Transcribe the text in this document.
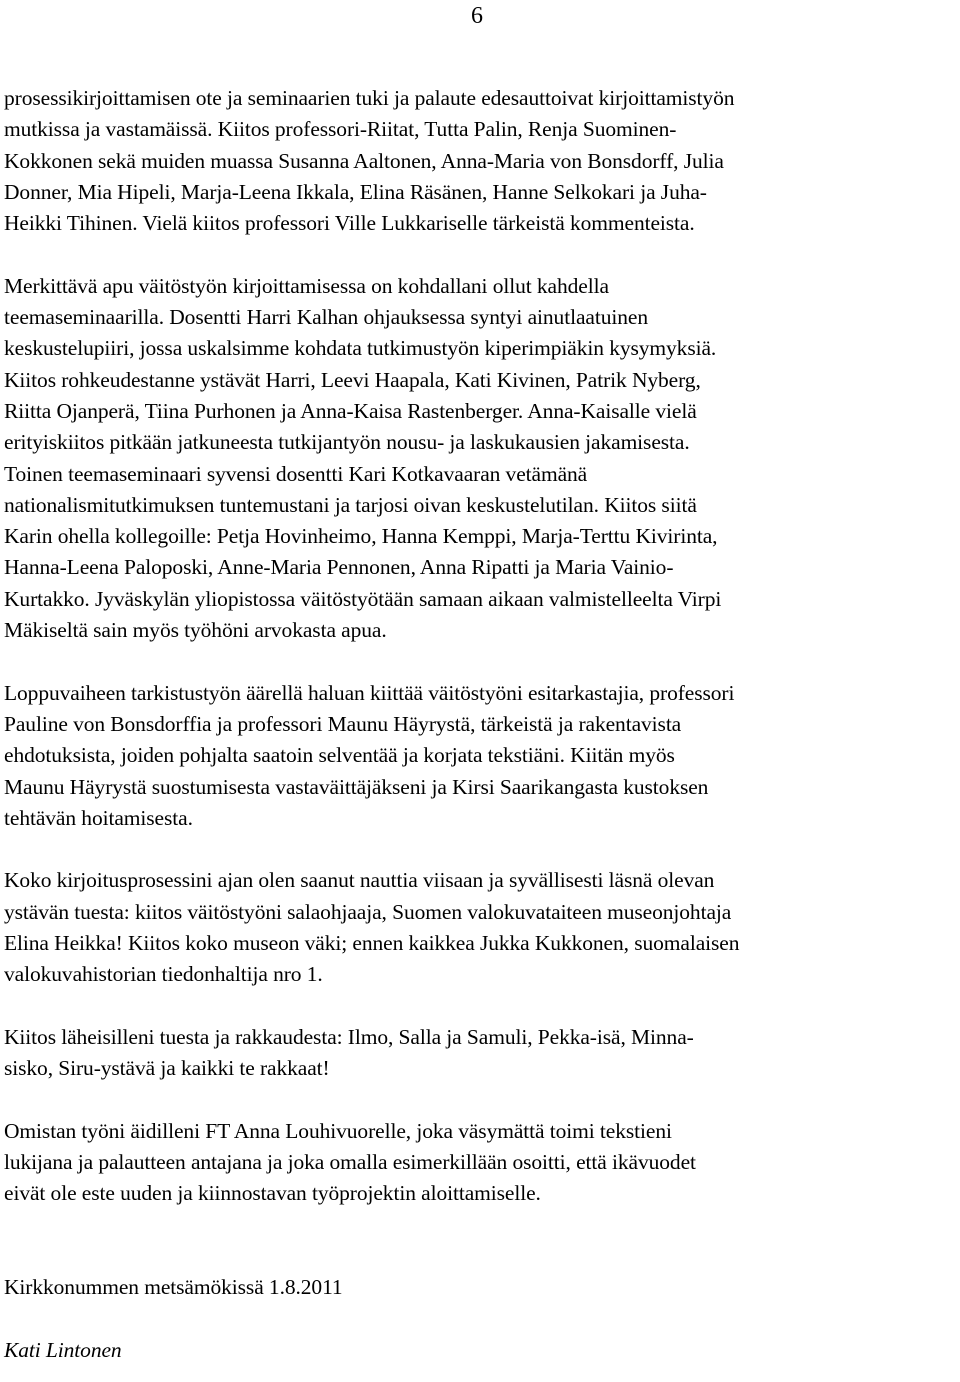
6

prosessikirjoittamisen ote ja seminaarien tuki ja palaute edesauttoivat kirjoittamistyön
mutkissa ja vastamäissä. Kiitos professori-Riitat, Tutta Palin, Renja Suominen-
Kokkonen sekä muiden muassa Susanna Aaltonen, Anna-Maria von Bonsdorff, Julia
Donner, Mia Hipeli, Marja-Leena Ikkala, Elina Räsänen, Hanne Selkokari ja Juha-
Heikki Tihinen. Vielä kiitos professori Ville Lukkariselle tärkeistä kommenteista.

Merkittävä apu väitöstyön kirjoittamisessa on kohdallani ollut kahdella
teemaseminaarilla. Dosentti Harri Kalhan ohjauksessa syntyi ainutlaatuinen
keskustelupiiri, jossa uskalsimme kohdata tutkimustyön kiperimpiäkin kysymyksiä.
Kiitos rohkeudestanne ystävät Harri, Leevi Haapala, Kati Kivinen, Patrik Nyberg,
Riitta Ojanperä, Tiina Purhonen ja Anna-Kaisa Rastenberger. Anna-Kaisalle vielä
erityiskiitos pitkään jatkuneesta tutkijantyön nousu- ja laskukausien jakamisesta.
Toinen teemaseminaari syvensi dosentti Kari Kotkavaaran vetämänä
nationalismitutkimuksen tuntemustani ja tarjosi oivan keskustelutilan. Kiitos siitä
Karin ohella kollegoille: Petja Hovinheimo, Hanna Kemppi, Marja-Terttu Kivirinta,
Hanna-Leena Paloposki, Anne-Maria Pennonen, Anna Ripatti ja Maria Vainio-
Kurtakko. Jyväskylän yliopistossa väitöstyötään samaan aikaan valmistelleelta Virpi
Mäkiseltä sain myös työhöni arvokasta apua.

Loppuvaiheen tarkistustyön äärellä haluan kiittää väitöstyöni esitarkastajia, professori
Pauline von Bonsdorffia ja professori Maunu Häyrystä, tärkeistä ja rakentavista
ehdotuksista, joiden pohjalta saatoin selventää ja korjata tekstiäni. Kiitän myös
Maunu Häyrystä suostumisesta vastaväittäjäkseni ja Kirsi Saarikangasta kustoksen
tehtävän hoitamisesta.

Koko kirjoitusprosessini ajan olen saanut nauttia viisaan ja syvällisesti läsnä olevan
ystävän tuesta: kiitos väitöstyöni salaohjaaja, Suomen valokuvataiteen museonjohtaja
Elina Heikka! Kiitos koko museon väki; ennen kaikkea Jukka Kukkonen, suomalaisen
valokuvahistorian tiedonhaltija nro 1.

Kiitos läheisilleni tuesta ja rakkaudesta: Ilmo, Salla ja Samuli, Pekka-isä, Minna-
sisko, Siru-ystävä ja kaikki te rakkaat!

Omistan työni äidilleni FT Anna Louhivuorelle, joka väsymättä toimi tekstieni
lukijana ja palautteen antajana ja joka omalla esimerkillään osoitti, että ikävuodet
eivät ole este uuden ja kiinnostavan työprojektin aloittamiselle.

Kirkkonummen metsämökissä 1.8.2011

Kati Lintonen
